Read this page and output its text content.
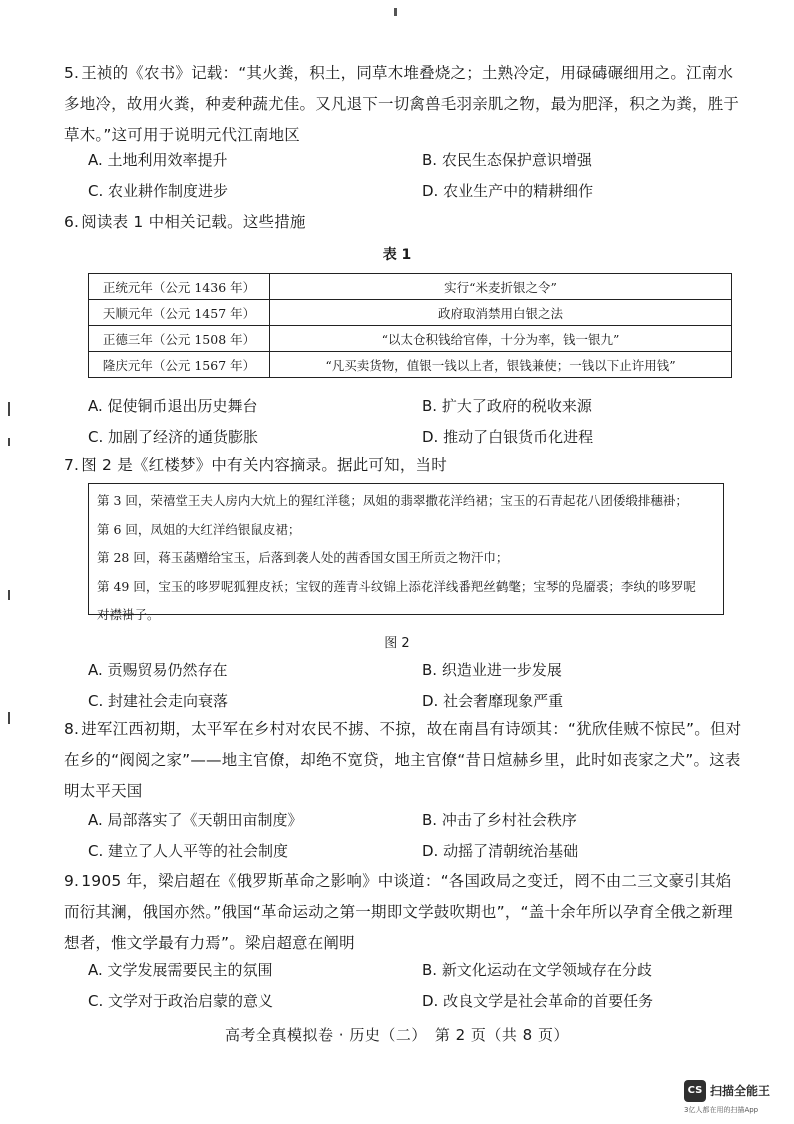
5. 王祯的《农书》记载：“其火粪，积土，同草木堆叠烧之；土熟冷定，用碌碡碾细用之。江南水多地冷，故用火粪，种麦种蔬尤佳。又凡退下一切禽兽毛羽亲肌之物，最为肥泽，积之为粪，胜于草木。”这可用于说明元代江南地区
A. 土地利用效率提升	B. 农民生态保护意识增强
C. 农业耕作制度进步	D. 农业生产中的精耕细作
6. 阅读表 1 中相关记载。这些措施
表 1
正统元年（公元 1436 年）	实行“米麦折银之令”
天顺元年（公元 1457 年）	政府取消禁用白银之法
正德三年（公元 1508 年）	“以太仓积钱给官俸，十分为率，钱一银九”
隆庆元年（公元 1567 年）	“凡买卖货物，值银一钱以上者，银钱兼使；一钱以下止许用钱”
A. 促使铜币退出历史舞台	B. 扩大了政府的税收来源
C. 加剧了经济的通货膨胀	D. 推动了白银货币化进程
7. 图 2 是《红楼梦》中有关内容摘录。据此可知，当时
第 3 回，荣禧堂王夫人房内大炕上的猩红洋毯；凤姐的翡翠撒花洋绉裙；宝玉的石青起花八团倭缎排穗褂；
第 6 回，凤姐的大红洋绉银鼠皮裙；
第 28 回，蒋玉菡赠给宝玉，后落到袭人处的茜香国女国王所贡之物汗巾；
第 49 回，宝玉的哆罗呢狐狸皮袄；宝钗的莲青斗纹锦上添花洋线番羓丝鹤氅；宝琴的凫靥裘；李纨的哆罗呢
对襟褂子。
图 2
A. 贡赐贸易仍然存在	B. 织造业进一步发展
C. 封建社会走向衰落	D. 社会奢靡现象严重
8. 进军江西初期，太平军在乡村对农民不掳、不掠，故在南昌有诗颂其：“犹欣佳贼不惊民”。但对在乡的“阀阅之家”——地主官僚，却绝不宽贷，地主官僚“昔日煊赫乡里，此时如丧家之犬”。这表明太平天国
A. 局部落实了《天朝田亩制度》	B. 冲击了乡村社会秩序
C. 建立了人人平等的社会制度	D. 动摇了清朝统治基础
9. 1905 年，梁启超在《俄罗斯革命之影响》中谈道：“各国政局之变迁，罔不由二三文豪引其焰而衍其澜，俄国亦然。”俄国“革命运动之第一期即文学鼓吹期也”，“盖十余年所以孕育全俄之新理想者，惟文学最有力焉”。梁启超意在阐明
A. 文学发展需要民主的氛围	B. 新文化运动在文学领域存在分歧
C. 文学对于政治启蒙的意义	D. 改良文学是社会革命的首要任务
高考全真模拟卷 · 历史（二）　第 2 页（共 8 页）
CS 扫描全能王
3亿人都在用的扫描App
